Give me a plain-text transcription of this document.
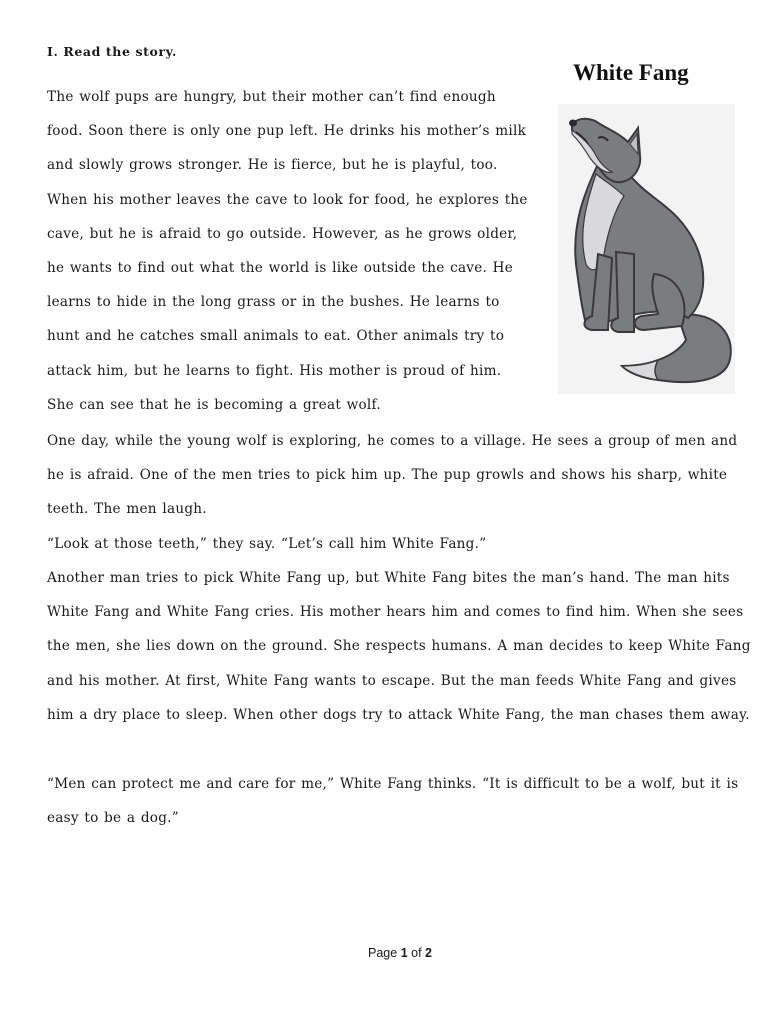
I. Read the story.
White Fang

The wolf pups are hungry, but their mother can’t find enough food. Soon there is only one pup left. He drinks his mother’s milk and slowly grows stronger. He is fierce, but he is playful, too. When his mother leaves the cave to look for food, he explores the cave, but he is afraid to go outside. However, as he grows older, he wants to find out what the world is like outside the cave. He learns to hide in the long grass or in the bushes. He learns to hunt and he catches small animals to eat. Other animals try to attack him, but he learns to fight. His mother is proud of him. She can see that he is becoming a great wolf.

One day, while the young wolf is exploring, he comes to a village. He sees a group of men and he is afraid. One of the men tries to pick him up. The pup growls and shows his sharp, white teeth. The men laugh.

“Look at those teeth,” they say. “Let’s call him White Fang.”

Another man tries to pick White Fang up, but White Fang bites the man’s hand. The man hits White Fang and White Fang cries. His mother hears him and comes to find him. When she sees the men, she lies down on the ground. She respects humans. A man decides to keep White Fang and his mother. At first, White Fang wants to escape. But the man feeds White Fang and gives him a dry place to sleep. When other dogs try to attack White Fang, the man chases them away.

“Men can protect me and care for me,” White Fang thinks. “It is difficult to be a wolf, but it is easy to be a dog.”

Page 1 of 2
